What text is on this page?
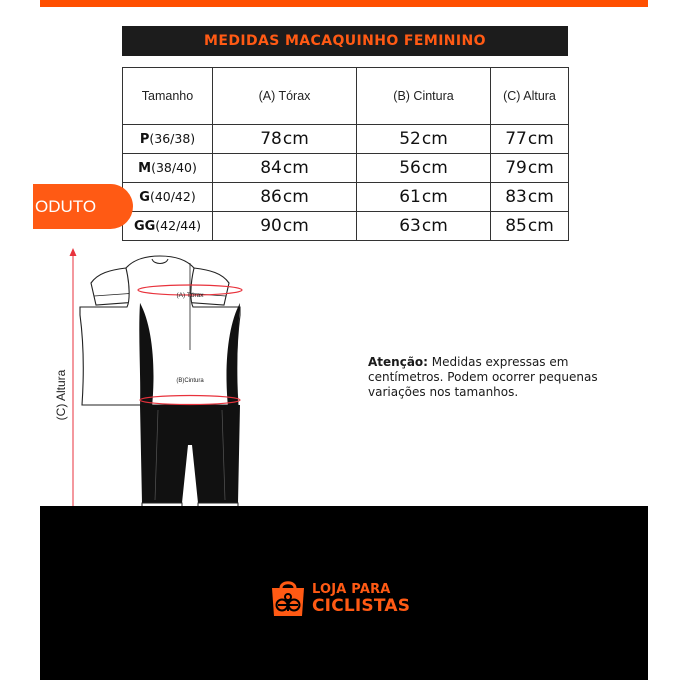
MEDIDAS MACAQUINHO FEMININO
Tamanho	(A) Tórax	(B) Cintura	(C) Altura
P(36/38)	78cm	52cm	77cm
M(38/40)	84cm	56cm	79cm
G(40/42)	86cm	61cm	83cm
GG(42/44)	90cm	63cm	85cm
ODUTO
(C) Altura
(A) Tórax
(B)Cintura
Atenção: Medidas expressas em centímetros. Podem ocorrer pequenas variações nos tamanhos.
LOJA PARA
CICLISTAS
